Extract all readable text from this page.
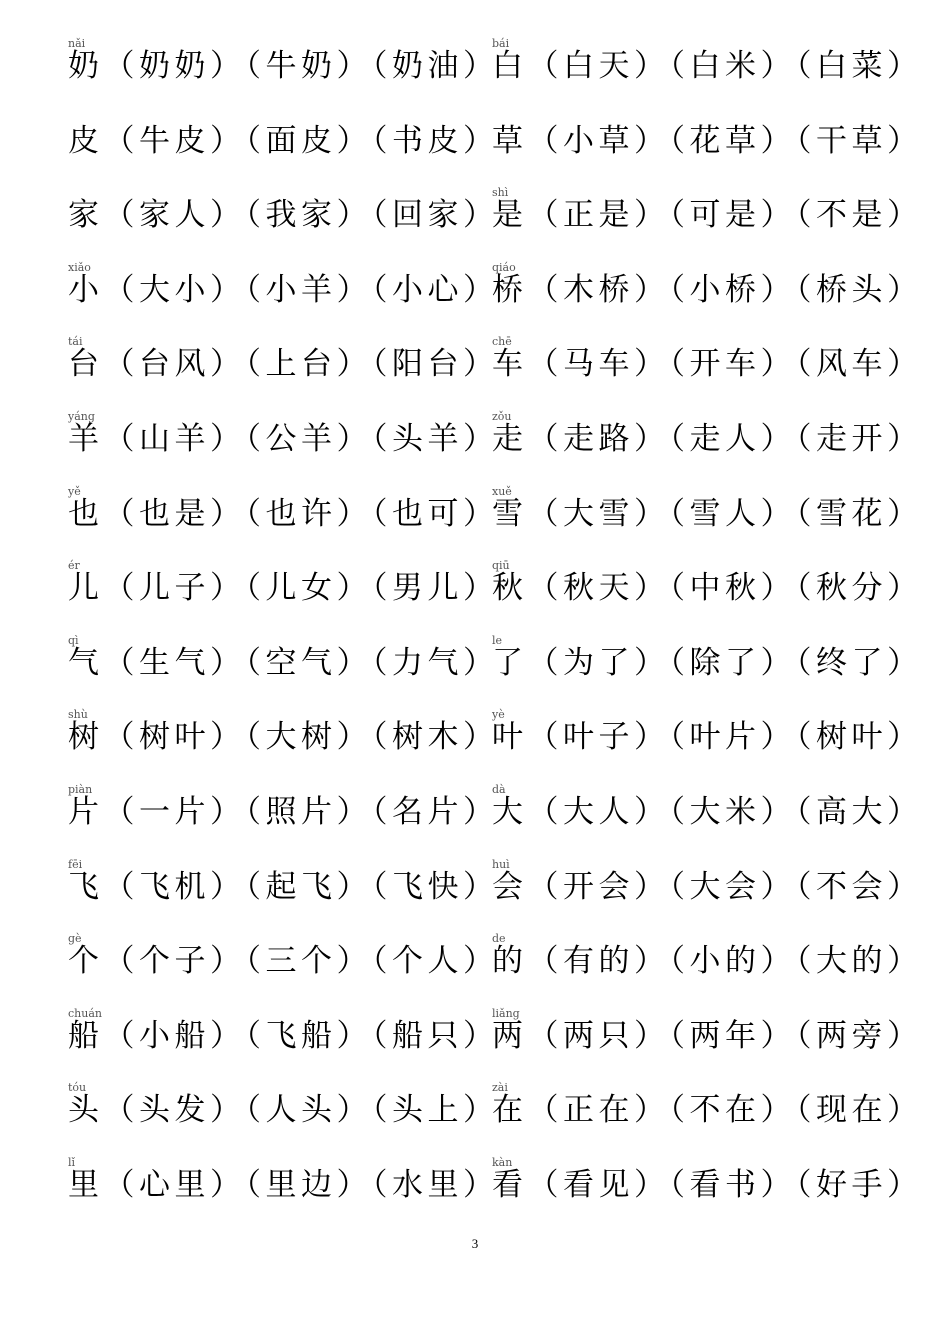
奶（奶奶）（牛奶）（奶油）
nǎi
白（白天）（白米）（白菜）
bái
皮（牛皮）（面皮）（书皮）
草（小草）（花草）（干草）
家（家人）（我家）（回家）
是（正是）（可是）（不是）
shì
小（大小）（小羊）（小心）
xiǎo
桥（木桥）（小桥）（桥头）
qiáo
台（台风）（上台）（阳台）
tái
车（马车）（开车）（风车）
chē
羊（山羊）（公羊）（头羊）
yáng
走（走路）（走人）（走开）
zǒu
也（也是）（也许）（也可）
yě
雪（大雪）（雪人）（雪花）
xuě
儿（儿子）（儿女）（男儿）
ér
秋（秋天）（中秋）（秋分）
qiū
气（生气）（空气）（力气）
qì
了（为了）（除了）（终了）
le
树（树叶）（大树）（树木）
shù
叶（叶子）（叶片）（树叶）
yè
片（一片）（照片）（名片）
piàn
大（大人）（大米）（高大）
dà
飞（飞机）（起飞）（飞快）
fēi
会（开会）（大会）（不会）
huì
个（个子）（三个）（个人）
gè
的（有的）（小的）（大的）
de
船（小船）（飞船）（船只）
chuán
两（两只）（两年）（两旁）
liǎng
头（头发）（人头）（头上）
tóu
在（正在）（不在）（现在）
zài
里（心里）（里边）（水里）
lǐ
看（看见）（看书）（好手）
kàn
3
